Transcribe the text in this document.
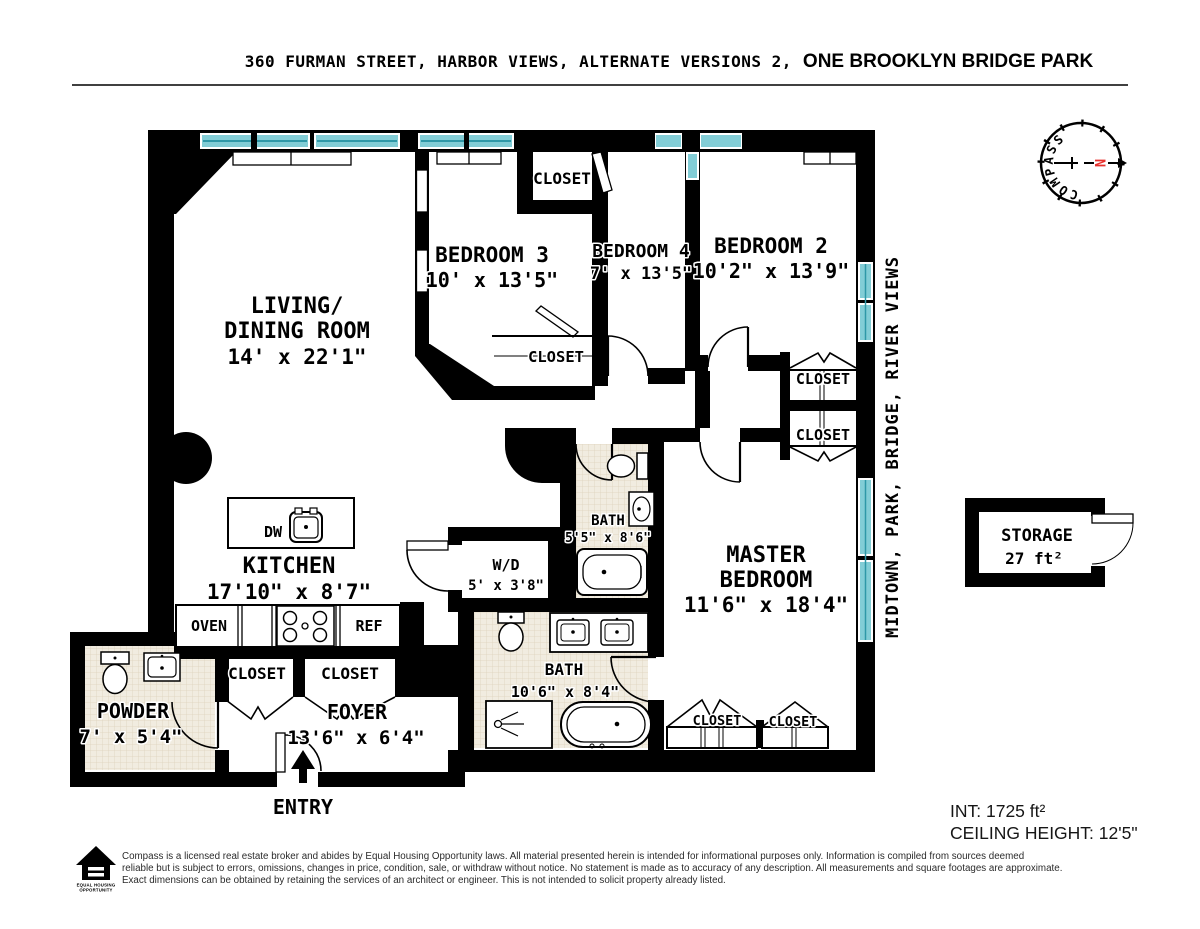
360 FURMAN STREET, HARBOR VIEWS, ALTERNATE VERSIONS 2, ONE BROOKLYN BRIDGE PARK
COMPASS
N
LIVING/
DINING ROOM
14' x 22'1"
BEDROOM 3
10' x 13'5"
BEDROOM 4
7' x 13'5"
BEDROOM 2
10'2" x 13'9"
CLOSET
CLOSET
CLOSET
CLOSET
MASTER
BEDROOM
11'6" x 18'4"
BATH
5'5" x 8'6"
W/D
5' x 3'8"
KITCHEN
17'10" x 8'7"
DW
OVEN	REF
POWDER
7' x 5'4"
CLOSET CLOSET
FOYER
13'6" x 6'4"
BATH
10'6" x 8'4"
CLOSET CLOSET
STORAGE
27 ft²
ENTRY
MIDTOWN, PARK, BRIDGE, RIVER VIEWS
INT: 1725 ft²
CEILING HEIGHT: 12'5"
EQUAL HOUSING
OPPORTUNITY
Compass is a licensed real estate broker and abides by Equal Housing Opportunity laws. All material presented herein is intended for informational purposes only. Information is compiled from sources deemed
reliable but is subject to errors, omissions, changes in price, condition, sale, or withdraw without notice. No statement is made as to accuracy of any description. All measurements and square footages are approximate.
Exact dimensions can be obtained by retaining the services of an architect or engineer. This is not intended to solicit property already listed.
